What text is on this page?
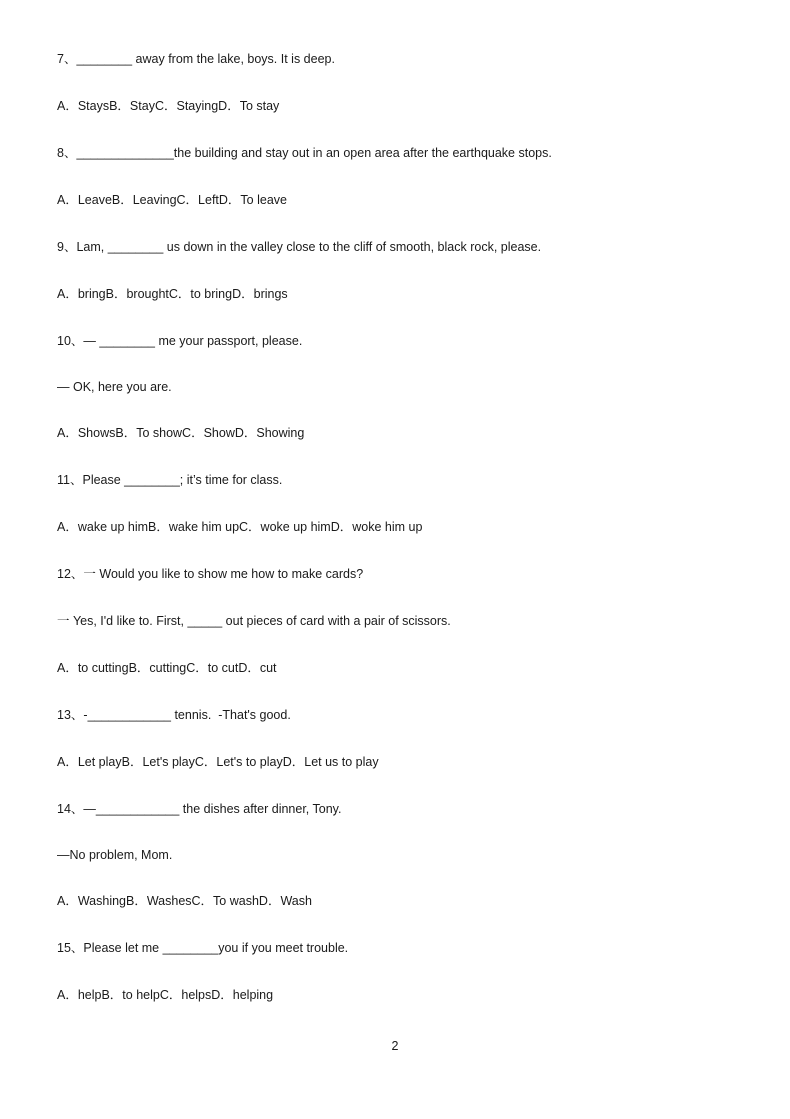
7、________ away from the lake, boys. It is deep.

A．StaysB．StayC．StayingD．To stay

8、______________the building and stay out in an open area after the earthquake stops.

A．LeaveB．LeavingC．LeftD．To leave

9、Lam, ________ us down in the valley close to the cliff of smooth, black rock, please.

A．bringB．broughtC．to bringD．brings

10、— ________ me your passport, please.

— OK, here you are.

A．ShowsB．To showC．ShowD．Showing

11、Please ________; it’s time for class.

A．wake up himB．wake him upC．woke up himD．woke him up

12、一 Would you like to show me how to make cards?

一 Yes, I'd like to. First, _____ out pieces of card with a pair of scissors.

A．to cuttingB．cuttingC．to cutD．cut

13、-____________ tennis.  -That's good.

A．Let playB．Let's playC．Let's to playD．Let us to play

14、—____________ the dishes after dinner, Tony.

—No problem, Mom.

A．WashingB．WashesC．To washD．Wash

15、Please let me ________you if you meet trouble.

A．helpB．to helpC．helpsD．helping

2
